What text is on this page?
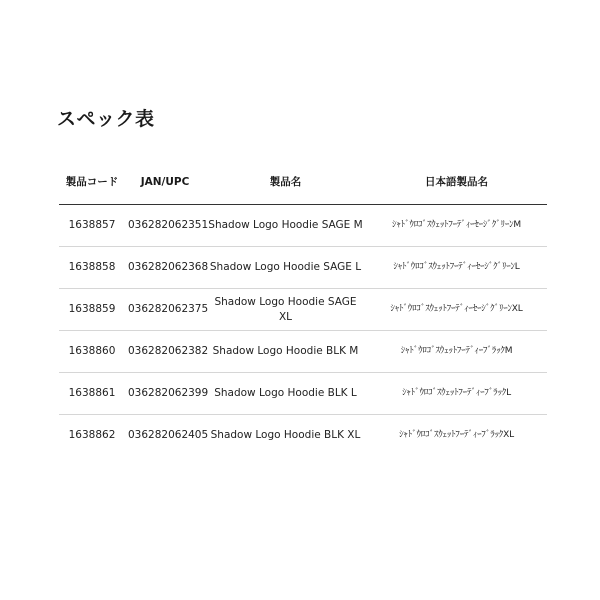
スペック表
製品コード	JAN/UPC	製品名	日本語製品名
1638857	036282062351	Shadow Logo Hoodie SAGE M	ｼｬﾄﾞｳﾛｺﾞｽｳｪｯﾄﾌｰﾃﾞｨｰｾｰｼﾞｸﾞﾘｰﾝM
1638858	036282062368	Shadow Logo Hoodie SAGE L	ｼｬﾄﾞｳﾛｺﾞｽｳｪｯﾄﾌｰﾃﾞｨｰｾｰｼﾞｸﾞﾘｰﾝL
1638859	036282062375	Shadow Logo Hoodie SAGE XL	ｼｬﾄﾞｳﾛｺﾞｽｳｪｯﾄﾌｰﾃﾞｨｰｾｰｼﾞｸﾞﾘｰﾝXL
1638860	036282062382	Shadow Logo Hoodie BLK M	ｼｬﾄﾞｳﾛｺﾞｽｳｪｯﾄﾌｰﾃﾞｨｰﾌﾞﾗｯｸM
1638861	036282062399	Shadow Logo Hoodie BLK L	ｼｬﾄﾞｳﾛｺﾞｽｳｪｯﾄﾌｰﾃﾞｨｰﾌﾞﾗｯｸL
1638862	036282062405	Shadow Logo Hoodie BLK XL	ｼｬﾄﾞｳﾛｺﾞｽｳｪｯﾄﾌｰﾃﾞｨｰﾌﾞﾗｯｸXL
